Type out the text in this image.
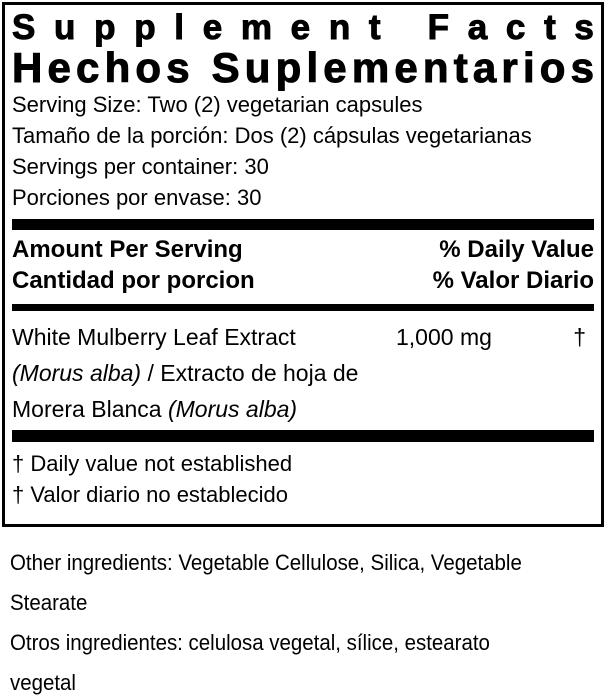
S u p p l e m e n t
F a c t s
H e c h o s
S u p l e m e n t a r i o s
Serving Size: Two (2) vegetarian capsules
Tamaño de la porción: Dos (2) cápsulas vegetarianas
Servings per container: 30
Porciones por envase: 30
Amount Per Serving	% Daily Value
Cantidad por porcion	% Valor Diario
White Mulberry Leaf Extract	1,000 mg	†
(Morus alba) / Extracto de hoja de
Morera Blanca (Morus alba)
† Daily value not established
† Valor diario no establecido
Other ingredients: Vegetable Cellulose, Silica, Vegetable
Stearate
Otros ingredientes: celulosa vegetal, sílice, estearato
vegetal
